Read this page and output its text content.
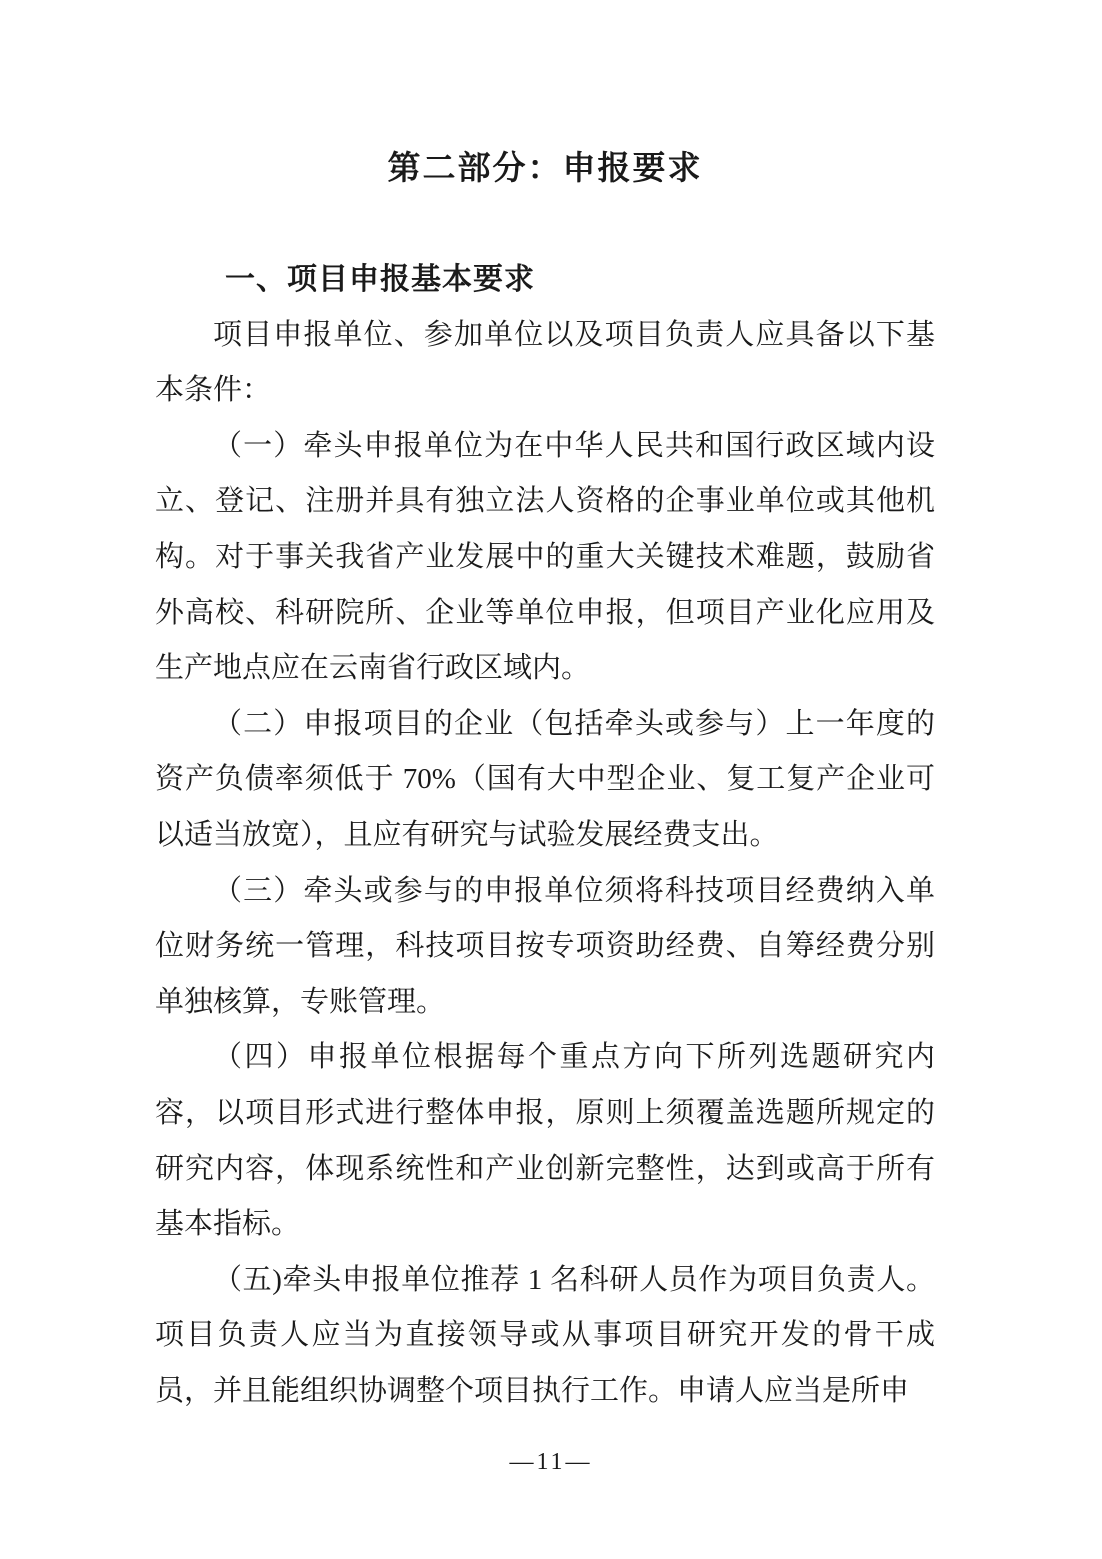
第二部分：申报要求
一、项目申报基本要求

项目申报单位、参加单位以及项目负责人应具备以下基本条件：

（一）牵头申报单位为在中华人民共和国行政区域内设立、登记、注册并具有独立法人资格的企事业单位或其他机构。对于事关我省产业发展中的重大关键技术难题，鼓励省外高校、科研院所、企业等单位申报，但项目产业化应用及生产地点应在云南省行政区域内。

（二）申报项目的企业（包括牵头或参与）上一年度的资产负债率须低于 70%（国有大中型企业、复工复产企业可以适当放宽），且应有研究与试验发展经费支出。

（三）牵头或参与的申报单位须将科技项目经费纳入单位财务统一管理，科技项目按专项资助经费、自筹经费分别单独核算，专账管理。

（四）申报单位根据每个重点方向下所列选题研究内容，以项目形式进行整体申报，原则上须覆盖选题所规定的研究内容，体现系统性和产业创新完整性，达到或高于所有基本指标。

（五)牵头申报单位推荐 1 名科研人员作为项目负责人。项目负责人应当为直接领导或从事项目研究开发的骨干成员，并且能组织协调整个项目执行工作。申请人应当是所申

—11—
